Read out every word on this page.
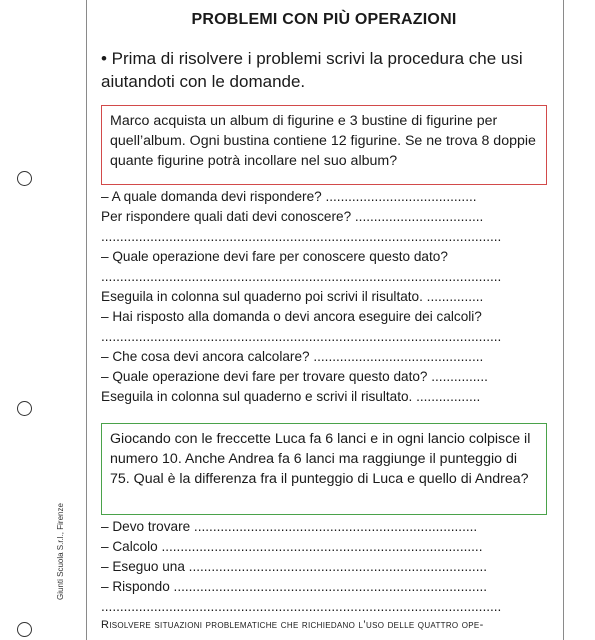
Giunti Scuola S.r.l., Firenze
PROBLEMI CON PIÙ OPERAZIONI
• Prima di risolvere i problemi scrivi la procedura che usi aiutandoti con le domande.
Marco acquista un album di figurine e 3 bustine di figurine per quell’album. Ogni bustina contiene 12 figurine. Se ne trova 8 doppie quante figurine potrà incollare nel suo album?
– A quale domanda devi rispondere? ........................................
Per rispondere quali dati devi conoscere? ..................................
..........................................................................................................
– Quale operazione devi fare per conoscere questo dato?
..........................................................................................................
Eseguila in colonna sul quaderno poi scrivi il risultato. ...............
– Hai risposto alla domanda o devi ancora eseguire dei calcoli?
..........................................................................................................
– Che cosa devi ancora calcolare? .............................................
– Quale operazione devi fare per trovare questo dato? ...............
Eseguila in colonna sul quaderno e scrivi il risultato. .................
Giocando con le freccette Luca fa 6 lanci e in ogni lancio colpisce il numero 10. Anche Andrea fa 6 lanci ma raggiunge il punteggio di 75. Qual è la differenza fra il punteggio di Luca e quello di Andrea?
– Devo trovare ...........................................................................
– Calcolo .....................................................................................
– Eseguo una ...............................................................................
– Rispondo ...................................................................................
..........................................................................................................
Risolvere situazioni problematiche che richiedano l’uso delle quattro ope-
